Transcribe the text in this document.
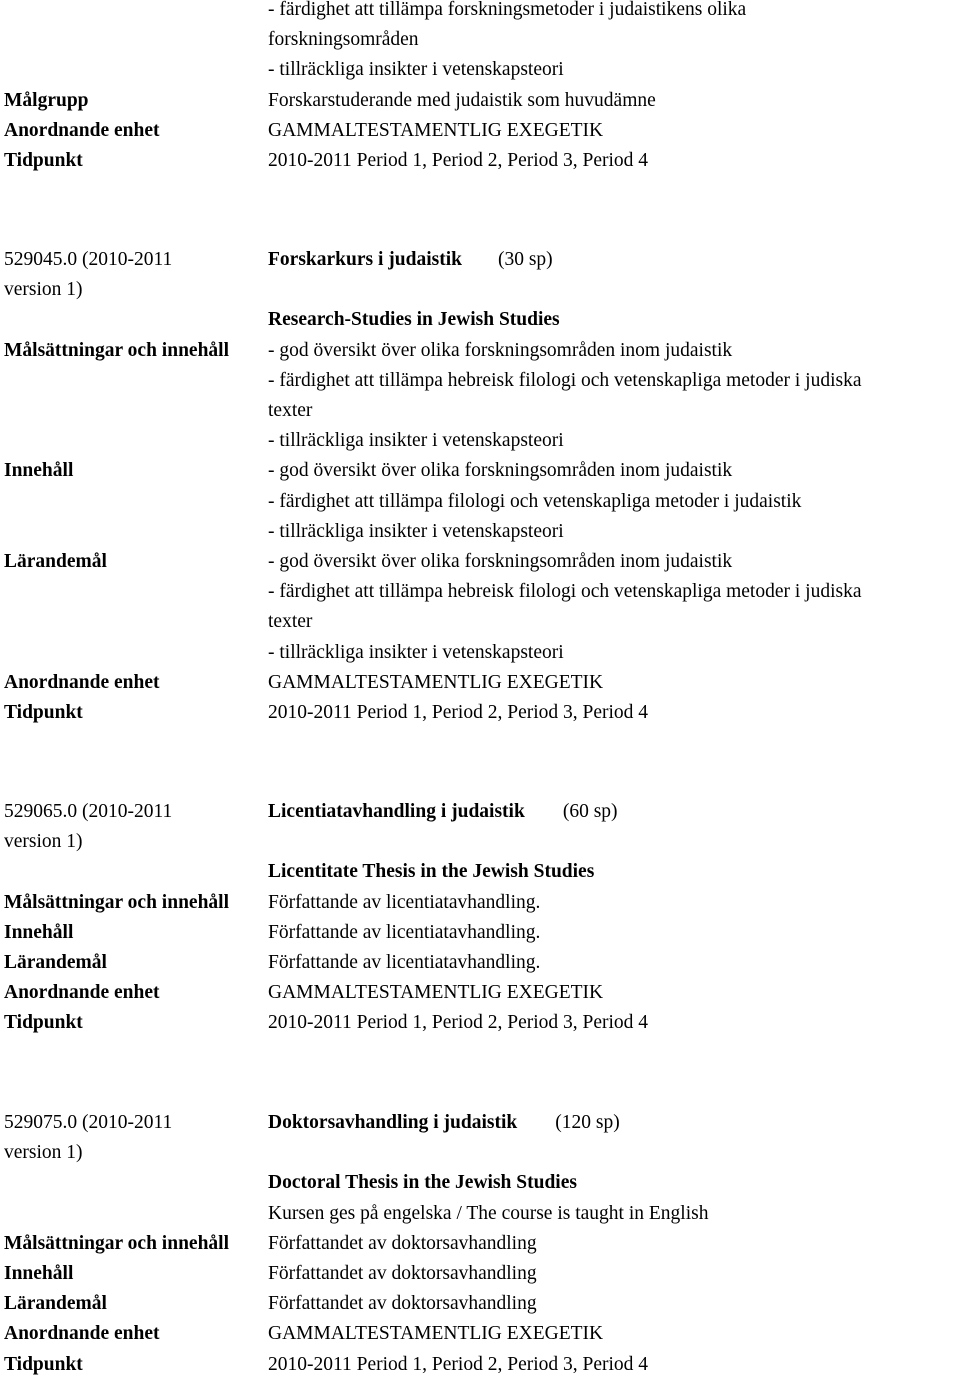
- färdighet att tillämpa forskningsmetoder i judaistikens olika
forskningsområden
- tillräckliga insikter i vetenskapsteori
Målgrupp	Forskarstuderande med judaistik som huvudämne
Anordnande enhet	GAMMALTESTAMENTLIG EXEGETIK
Tidpunkt	2010-2011 Period 1, Period 2, Period 3, Period 4
529045.0 (2010-2011	Forskarkurs i judaistik (30 sp)
version 1)
Research-Studies in Jewish Studies
Målsättningar och innehåll	- god översikt över olika forskningsområden inom judaistik
- färdighet att tillämpa hebreisk filologi och vetenskapliga metoder i judiska
texter
- tillräckliga insikter i vetenskapsteori
Innehåll	- god översikt över olika forskningsområden inom judaistik
- färdighet att tillämpa filologi och vetenskapliga metoder i judaistik
- tillräckliga insikter i vetenskapsteori
Lärandemål	- god översikt över olika forskningsområden inom judaistik
- färdighet att tillämpa hebreisk filologi och vetenskapliga metoder i judiska
texter
- tillräckliga insikter i vetenskapsteori
Anordnande enhet	GAMMALTESTAMENTLIG EXEGETIK
Tidpunkt	2010-2011 Period 1, Period 2, Period 3, Period 4
529065.0 (2010-2011	Licentiatavhandling i judaistik (60 sp)
version 1)
Licentitate Thesis in the Jewish Studies
Målsättningar och innehåll	Författande av licentiatavhandling.
Innehåll	Författande av licentiatavhandling.
Lärandemål	Författande av licentiatavhandling.
Anordnande enhet	GAMMALTESTAMENTLIG EXEGETIK
Tidpunkt	2010-2011 Period 1, Period 2, Period 3, Period 4
529075.0 (2010-2011	Doktorsavhandling i judaistik (120 sp)
version 1)
Doctoral Thesis in the Jewish Studies
Kursen ges på engelska / The course is taught in English
Målsättningar och innehåll	Författandet av doktorsavhandling
Innehåll	Författandet av doktorsavhandling
Lärandemål	Författandet av doktorsavhandling
Anordnande enhet	GAMMALTESTAMENTLIG EXEGETIK
Tidpunkt	2010-2011 Period 1, Period 2, Period 3, Period 4
